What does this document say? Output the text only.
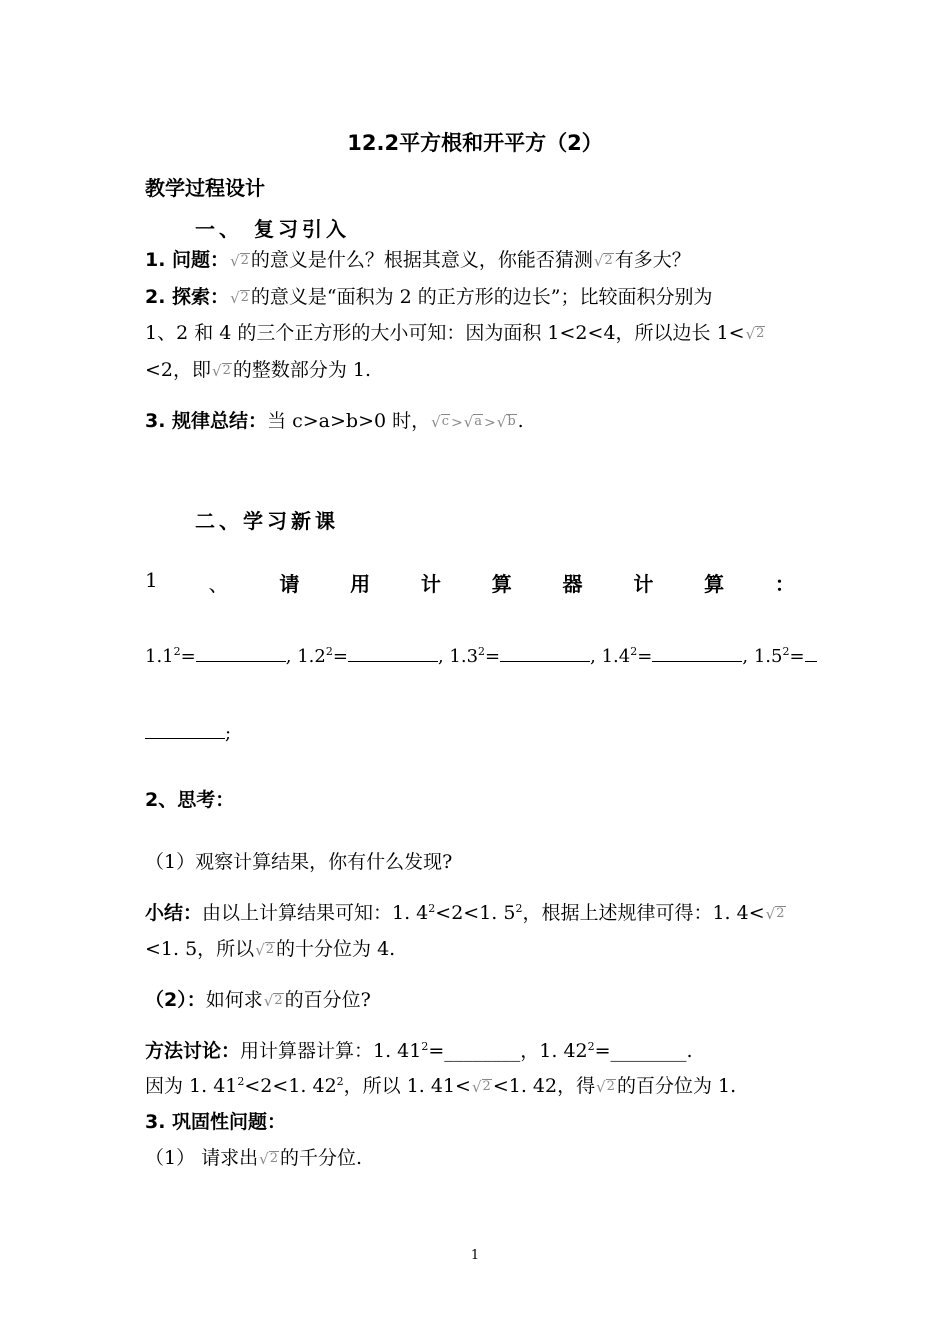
12.2平方根和开平方（2）
教学过程设计
一、 复习引入
1. 问题： √ 2 的意义是什么？根据其意义，你能否猜测 √ 2 有多大？
2. 探索： √ 2 的意义是“面积为 2 的正方形的边长”；比较面积分别为
1、2 和 4 的三个正方形的大小可知：因为面积 1<2<4，所以边长 1< √ 2
<2，即 √ 2 的整数部分为 1.
3. 规律总结：当 c>a>b>0 时， √ c > √ a > √ b .
二、学习新课
1	、	请	用	计	算	器	计	算	：
$1.1^2=$	, $1.2^2=$	, $1.3^2=$	, $1.4^2=$	, $1.5^2=$
;
2、思考：
（1）观察计算结果，你有什么发现?
小结：由以上计算结果可知：1. $4^2<2<1$. $5^2$，根据上述规律可得：1. 4< √ 2
<1. 5，所以 √ 2 的十分位为 4.
（2）：如何求 √ 2 的百分位?
方法讨论：用计算器计算：1. $41^2=\_\_\_\_\_\_\_\_$，1. $42^2=\_\_\_\_\_\_\_\_$.
因为 1. $41^2<2<1$. $42^2$，所以 1. 41< √ 2 <1. 42，得 √ 2 的百分位为 1.
3. 巩固性问题：
（1） 请求出 √ 2 的千分位.
1
